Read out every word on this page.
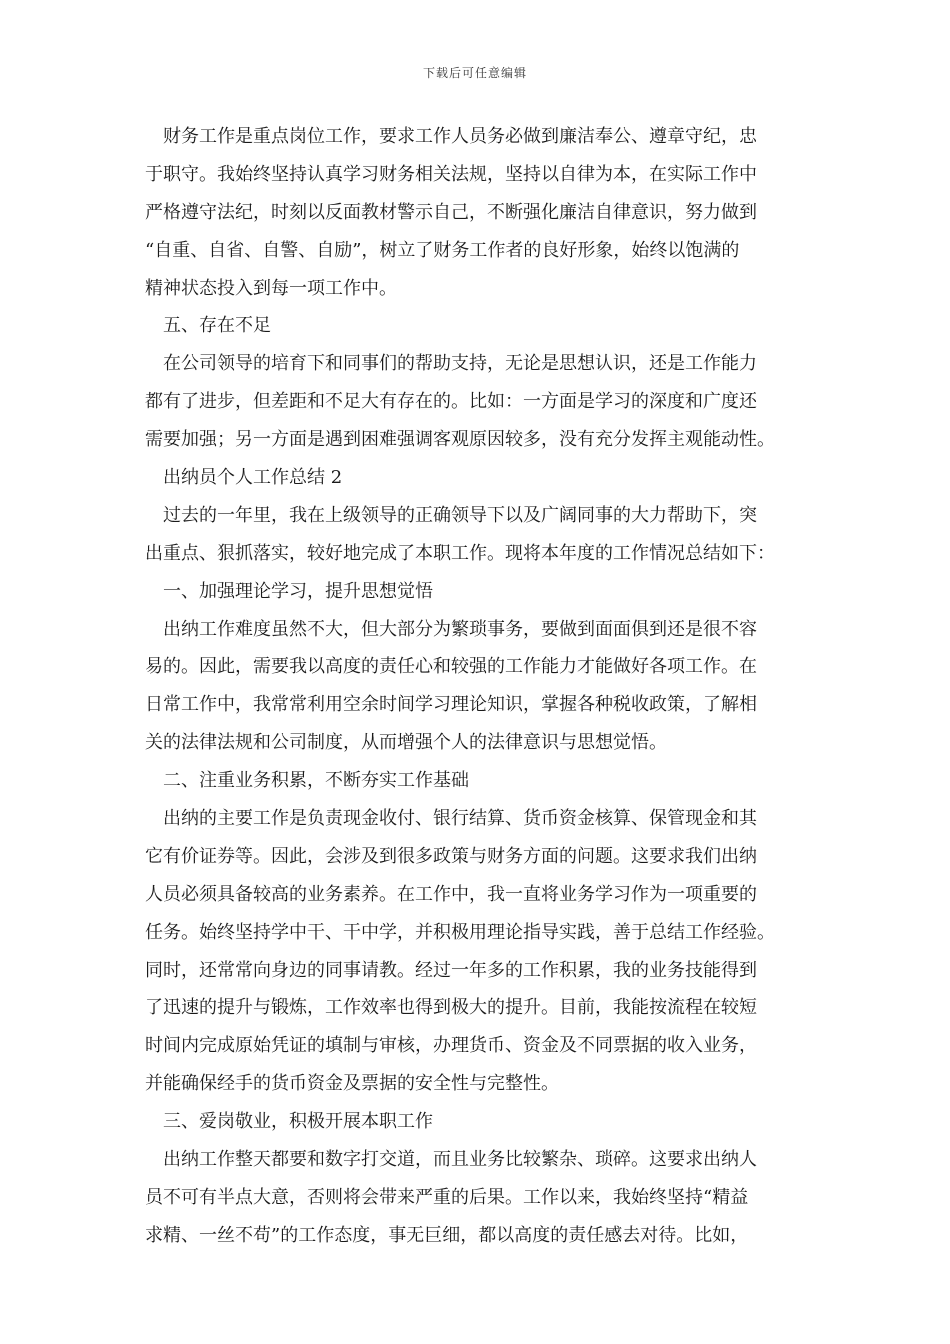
下载后可任意编辑
财务工作是重点岗位工作，要求工作人员务必做到廉洁奉公、遵章守纪，忠
于职守。我始终坚持认真学习财务相关法规，坚持以自律为本，在实际工作中
严格遵守法纪，时刻以反面教材警示自己，不断强化廉洁自律意识，努力做到
“自重、自省、自警、自励”，树立了财务工作者的良好形象，始终以饱满的
精神状态投入到每一项工作中。
五、存在不足
在公司领导的培育下和同事们的帮助支持，无论是思想认识，还是工作能力
都有了进步，但差距和不足大有存在的。比如：一方面是学习的深度和广度还
需要加强；另一方面是遇到困难强调客观原因较多，没有充分发挥主观能动性。
出纳员个人工作总结 2
过去的一年里，我在上级领导的正确领导下以及广阔同事的大力帮助下，突
出重点、狠抓落实，较好地完成了本职工作。现将本年度的工作情况总结如下：
一、加强理论学习，提升思想觉悟
出纳工作难度虽然不大，但大部分为繁琐事务，要做到面面俱到还是很不容
易的。因此，需要我以高度的责任心和较强的工作能力才能做好各项工作。在
日常工作中，我常常利用空余时间学习理论知识，掌握各种税收政策，了解相
关的法律法规和公司制度，从而增强个人的法律意识与思想觉悟。
二、注重业务积累，不断夯实工作基础
出纳的主要工作是负责现金收付、银行结算、货币资金核算、保管现金和其
它有价证券等。因此，会涉及到很多政策与财务方面的问题。这要求我们出纳
人员必须具备较高的业务素养。在工作中，我一直将业务学习作为一项重要的
任务。始终坚持学中干、干中学，并积极用理论指导实践，善于总结工作经验。
同时，还常常向身边的同事请教。经过一年多的工作积累，我的业务技能得到
了迅速的提升与锻炼，工作效率也得到极大的提升。目前，我能按流程在较短
时间内完成原始凭证的填制与审核，办理货币、资金及不同票据的收入业务，
并能确保经手的货币资金及票据的安全性与完整性。
三、爱岗敬业，积极开展本职工作
出纳工作整天都要和数字打交道，而且业务比较繁杂、琐碎。这要求出纳人
员不可有半点大意，否则将会带来严重的后果。工作以来，我始终坚持“精益
求精、一丝不苟”的工作态度，事无巨细，都以高度的责任感去对待。比如，
